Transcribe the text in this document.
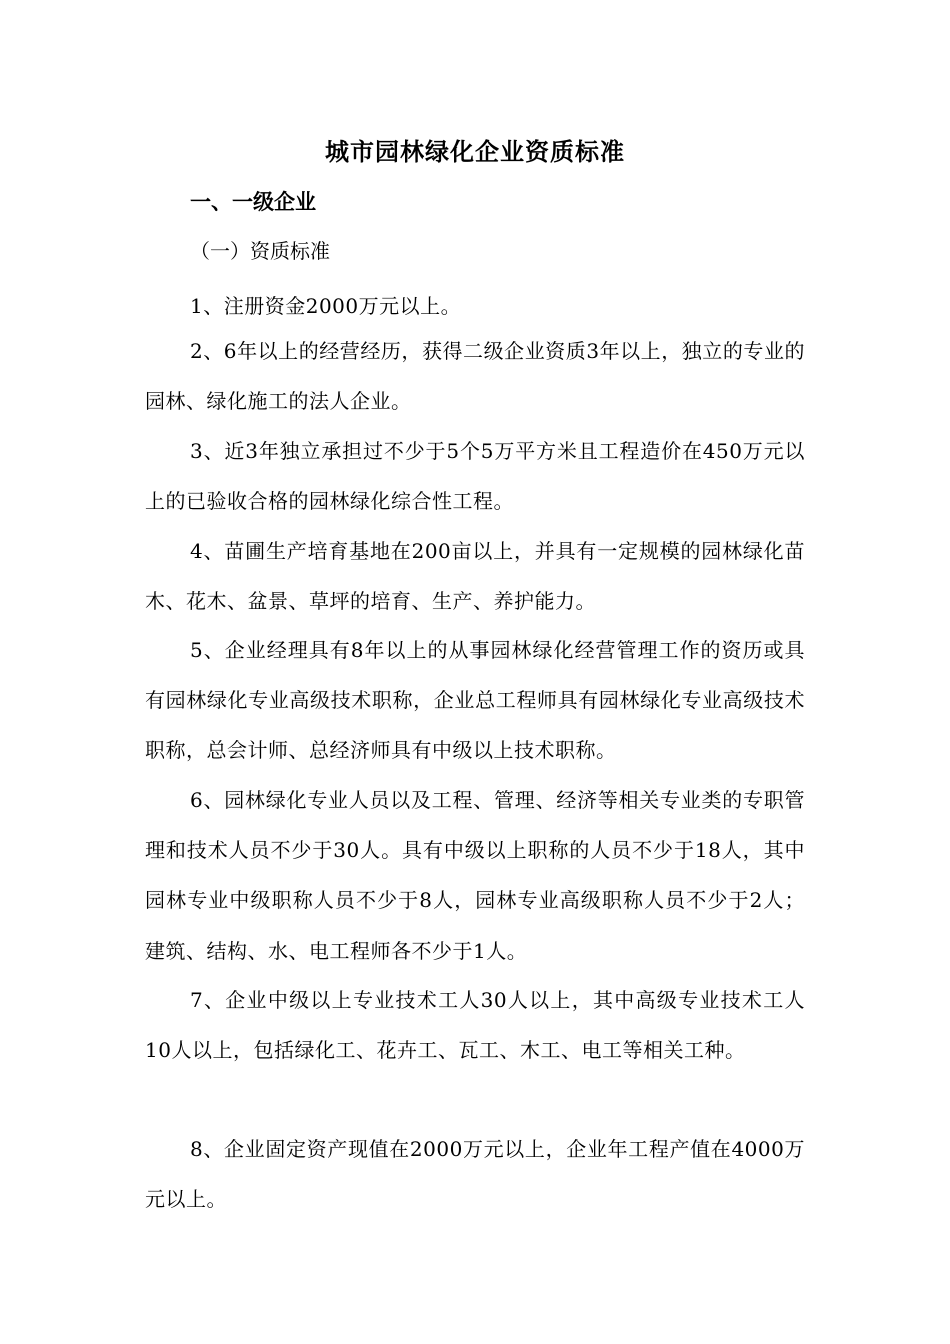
城市园林绿化企业资质标准
一、一级企业
（一）资质标准
1、注册资金2000万元以上。
2、6年以上的经营经历，获得二级企业资质3年以上，独立的专业的园林、绿化施工的法人企业。
3、近3年独立承担过不少于5个5万平方米且工程造价在450万元以上的已验收合格的园林绿化综合性工程。
4、苗圃生产培育基地在200亩以上，并具有一定规模的园林绿化苗木、花木、盆景、草坪的培育、生产、养护能力。
5、企业经理具有8年以上的从事园林绿化经营管理工作的资历或具有园林绿化专业高级技术职称，企业总工程师具有园林绿化专业高级技术职称，总会计师、总经济师具有中级以上技术职称。
6、园林绿化专业人员以及工程、管理、经济等相关专业类的专职管理和技术人员不少于30人。具有中级以上职称的人员不少于18人，其中园林专业中级职称人员不少于8人，园林专业高级职称人员不少于2人；建筑、结构、水、电工程师各不少于1人。
7、企业中级以上专业技术工人30人以上，其中高级专业技术工人10人以上，包括绿化工、花卉工、瓦工、木工、电工等相关工种。
8、企业固定资产现值在2000万元以上，企业年工程产值在4000万元以上。
